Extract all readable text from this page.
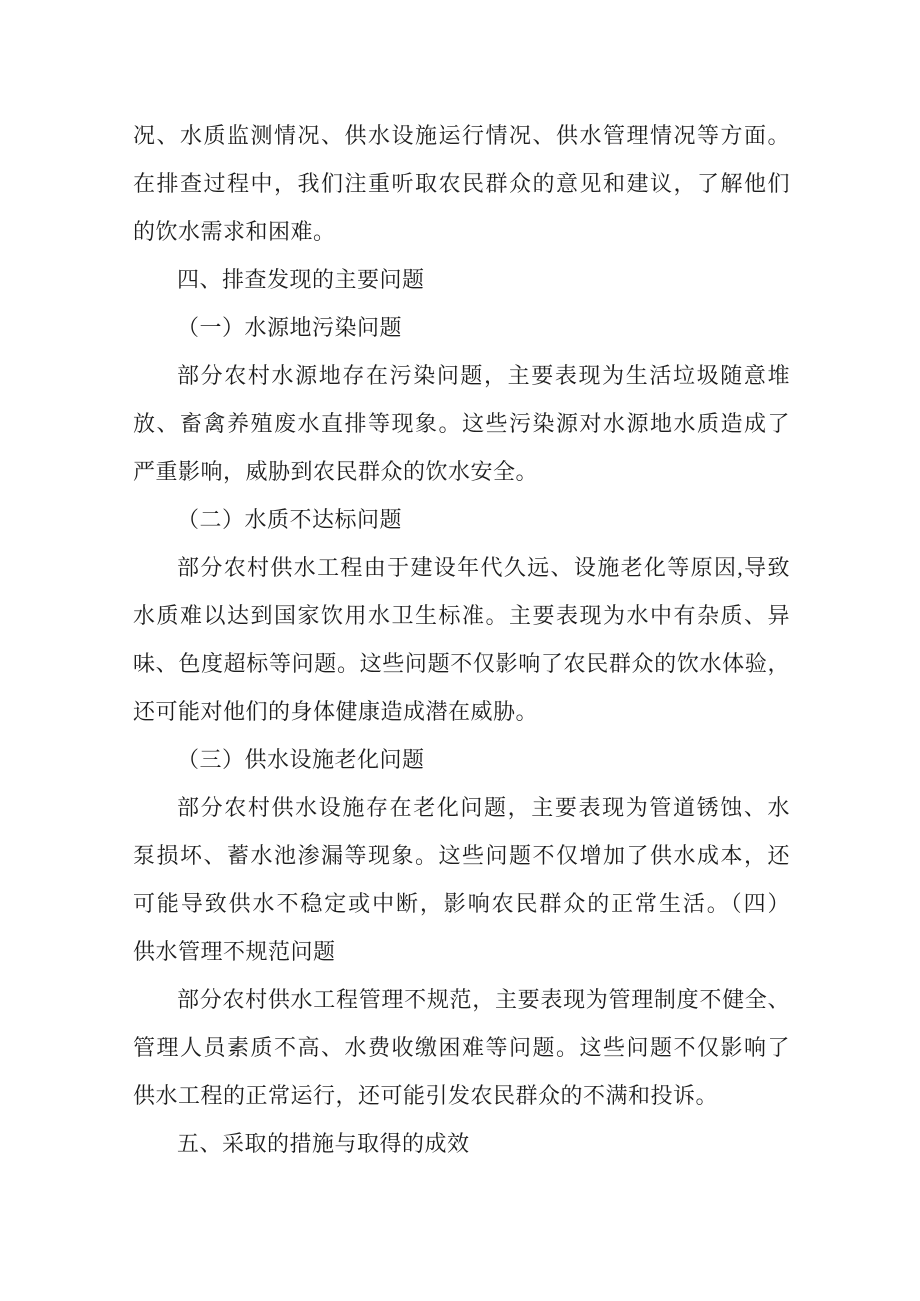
况、水质监测情况、供水设施运行情况、供水管理情况等方面。
在排查过程中，我们注重听取农民群众的意见和建议，了解他们
的饮水需求和困难。
四、排查发现的主要问题
（一）水源地污染问题
部分农村水源地存在污染问题，主要表现为生活垃圾随意堆
放、畜禽养殖废水直排等现象。这些污染源对水源地水质造成了
严重影响，威胁到农民群众的饮水安全。
（二）水质不达标问题
部分农村供水工程由于建设年代久远、设施老化等原因,导致
水质难以达到国家饮用水卫生标准。主要表现为水中有杂质、异
味、色度超标等问题。这些问题不仅影响了农民群众的饮水体验，
还可能对他们的身体健康造成潜在威胁。
（三）供水设施老化问题
部分农村供水设施存在老化问题，主要表现为管道锈蚀、水
泵损坏、蓄水池渗漏等现象。这些问题不仅增加了供水成本，还
可能导致供水不稳定或中断，影响农民群众的正常生活。（四）
供水管理不规范问题
部分农村供水工程管理不规范，主要表现为管理制度不健全、
管理人员素质不高、水费收缴困难等问题。这些问题不仅影响了
供水工程的正常运行，还可能引发农民群众的不满和投诉。
五、采取的措施与取得的成效
